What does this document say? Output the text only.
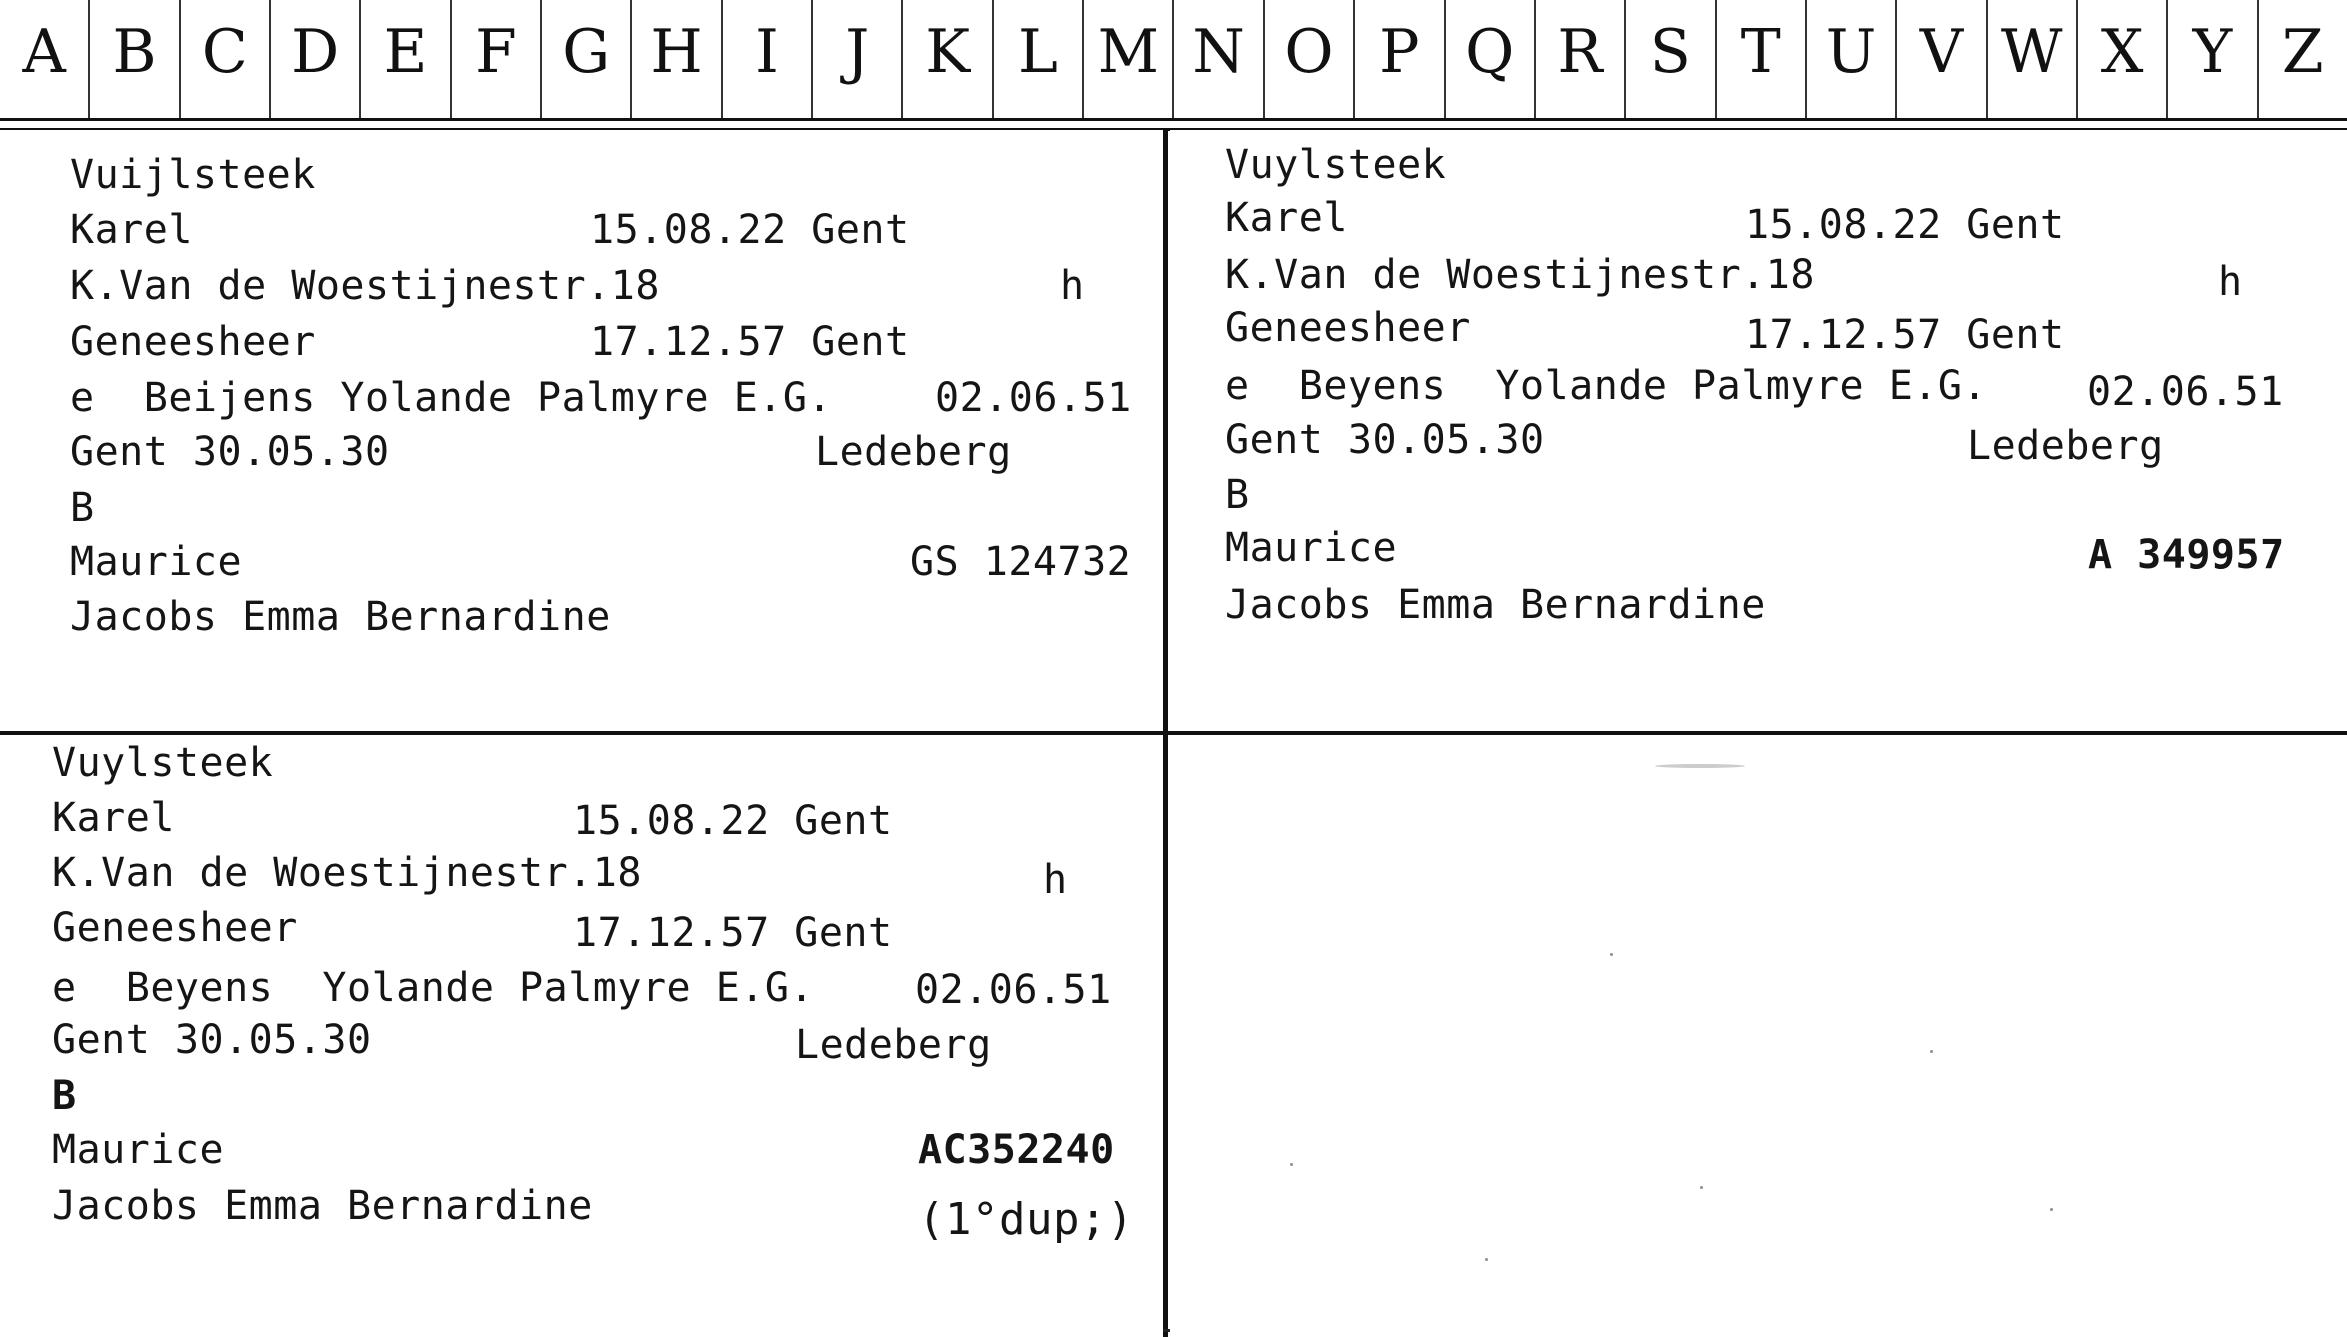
A B C D E F G H I	J K L M N O P Q R S T U V W X Y Z
Vuijlsteek
Karel	15.08.22 Gent
K.Van de Woestijnestr.18	h
Geneesheer	17.12.57 Gent
e  Beijens Yolande Palmyre E.G.	02.06.51
Gent 30.05.30	Ledeberg
B
Maurice	GS 124732
Jacobs Emma Bernardine
Vuylsteek
Karel	15.08.22 Gent
K.Van de Woestijnestr.18	h
Geneesheer	17.12.57 Gent
e  Beyens  Yolande Palmyre E.G. 02.06.51
Gent 30.05.30	Ledeberg
B
Maurice	A 349957
Jacobs Emma Bernardine
Vuylsteek
Karel	15.08.22 Gent
K.Van de Woestijnestr.18	h
Geneesheer	17.12.57 Gent
e  Beyens  Yolande Palmyre E.G.	02.06.51
Gent 30.05.30	Ledeberg
B
Maurice	AC352240
Jacobs Emma Bernardine	(1°dup;)
